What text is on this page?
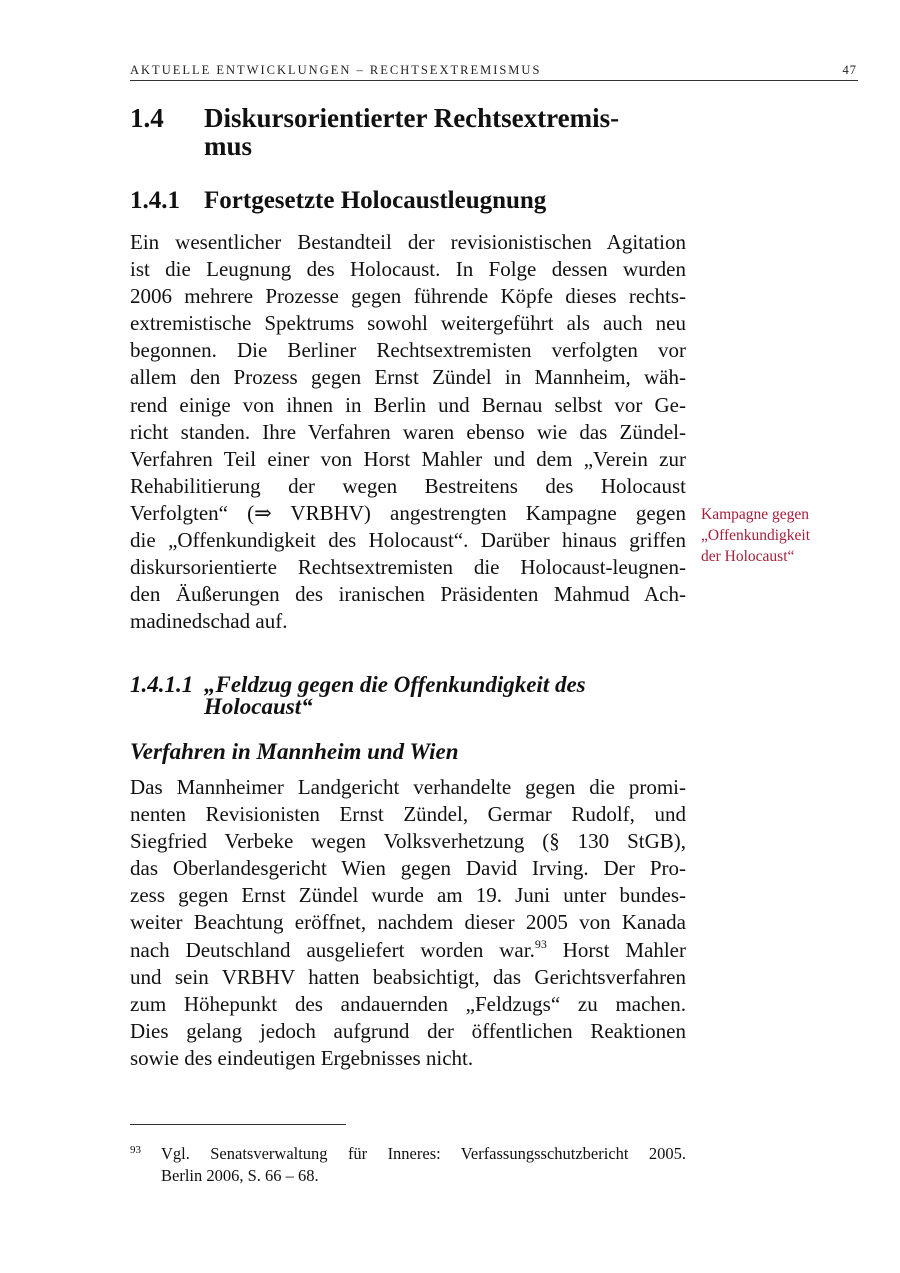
AKTUELLE ENTWICKLUNGEN – RECHTSEXTREMISMUS	47
1.4 Diskursorientierter Rechtsextremis-
mus
1.4.1 Fortgesetzte Holocaustleugnung
Ein wesentlicher Bestandteil der revisionistischen Agitation
ist die Leugnung des Holocaust. In Folge dessen wurden
2006 mehrere Prozesse gegen führende Köpfe dieses rechts-
extremistische Spektrums sowohl weitergeführt als auch neu
begonnen. Die Berliner Rechtsextremisten verfolgten vor
allem den Prozess gegen Ernst Zündel in Mannheim, wäh-
rend einige von ihnen in Berlin und Bernau selbst vor Ge-
richt standen. Ihre Verfahren waren ebenso wie das Zündel-
Verfahren Teil einer von Horst Mahler und dem „Verein zur
Rehabilitierung der wegen Bestreitens des Holocaust
Verfolgten“ (⇒ VRBHV) angestrengten Kampagne gegen
die „Offenkundigkeit des Holocaust“. Darüber hinaus griffen
diskursorientierte Rechtsextremisten die Holocaust-leugnen-
den Äußerungen des iranischen Präsidenten Mahmud Ach-
madinedschad auf.
Kampagne gegen
„Offenkundigkeit
der Holocaust“
1.4.1.1 „Feldzug gegen die Offenkundigkeit des
Holocaust“
Verfahren in Mannheim und Wien
Das Mannheimer Landgericht verhandelte gegen die promi-
nenten Revisionisten Ernst Zündel, Germar Rudolf, und
Siegfried Verbeke wegen Volksverhetzung (§ 130 StGB),
das Oberlandesgericht Wien gegen David Irving. Der Pro-
zess gegen Ernst Zündel wurde am 19. Juni unter bundes-
weiter Beachtung eröffnet, nachdem dieser 2005 von Kanada
nach Deutschland ausgeliefert worden war.$^{93}$ Horst Mahler
und sein VRBHV hatten beabsichtigt, das Gerichtsverfahren
zum Höhepunkt des andauernden „Feldzugs“ zu machen.
Dies gelang jedoch aufgrund der öffentlichen Reaktionen
sowie des eindeutigen Ergebnisses nicht.
93 Vgl. Senatsverwaltung für Inneres: Verfassungsschutzbericht 2005.
Berlin 2006, S. 66 – 68.
